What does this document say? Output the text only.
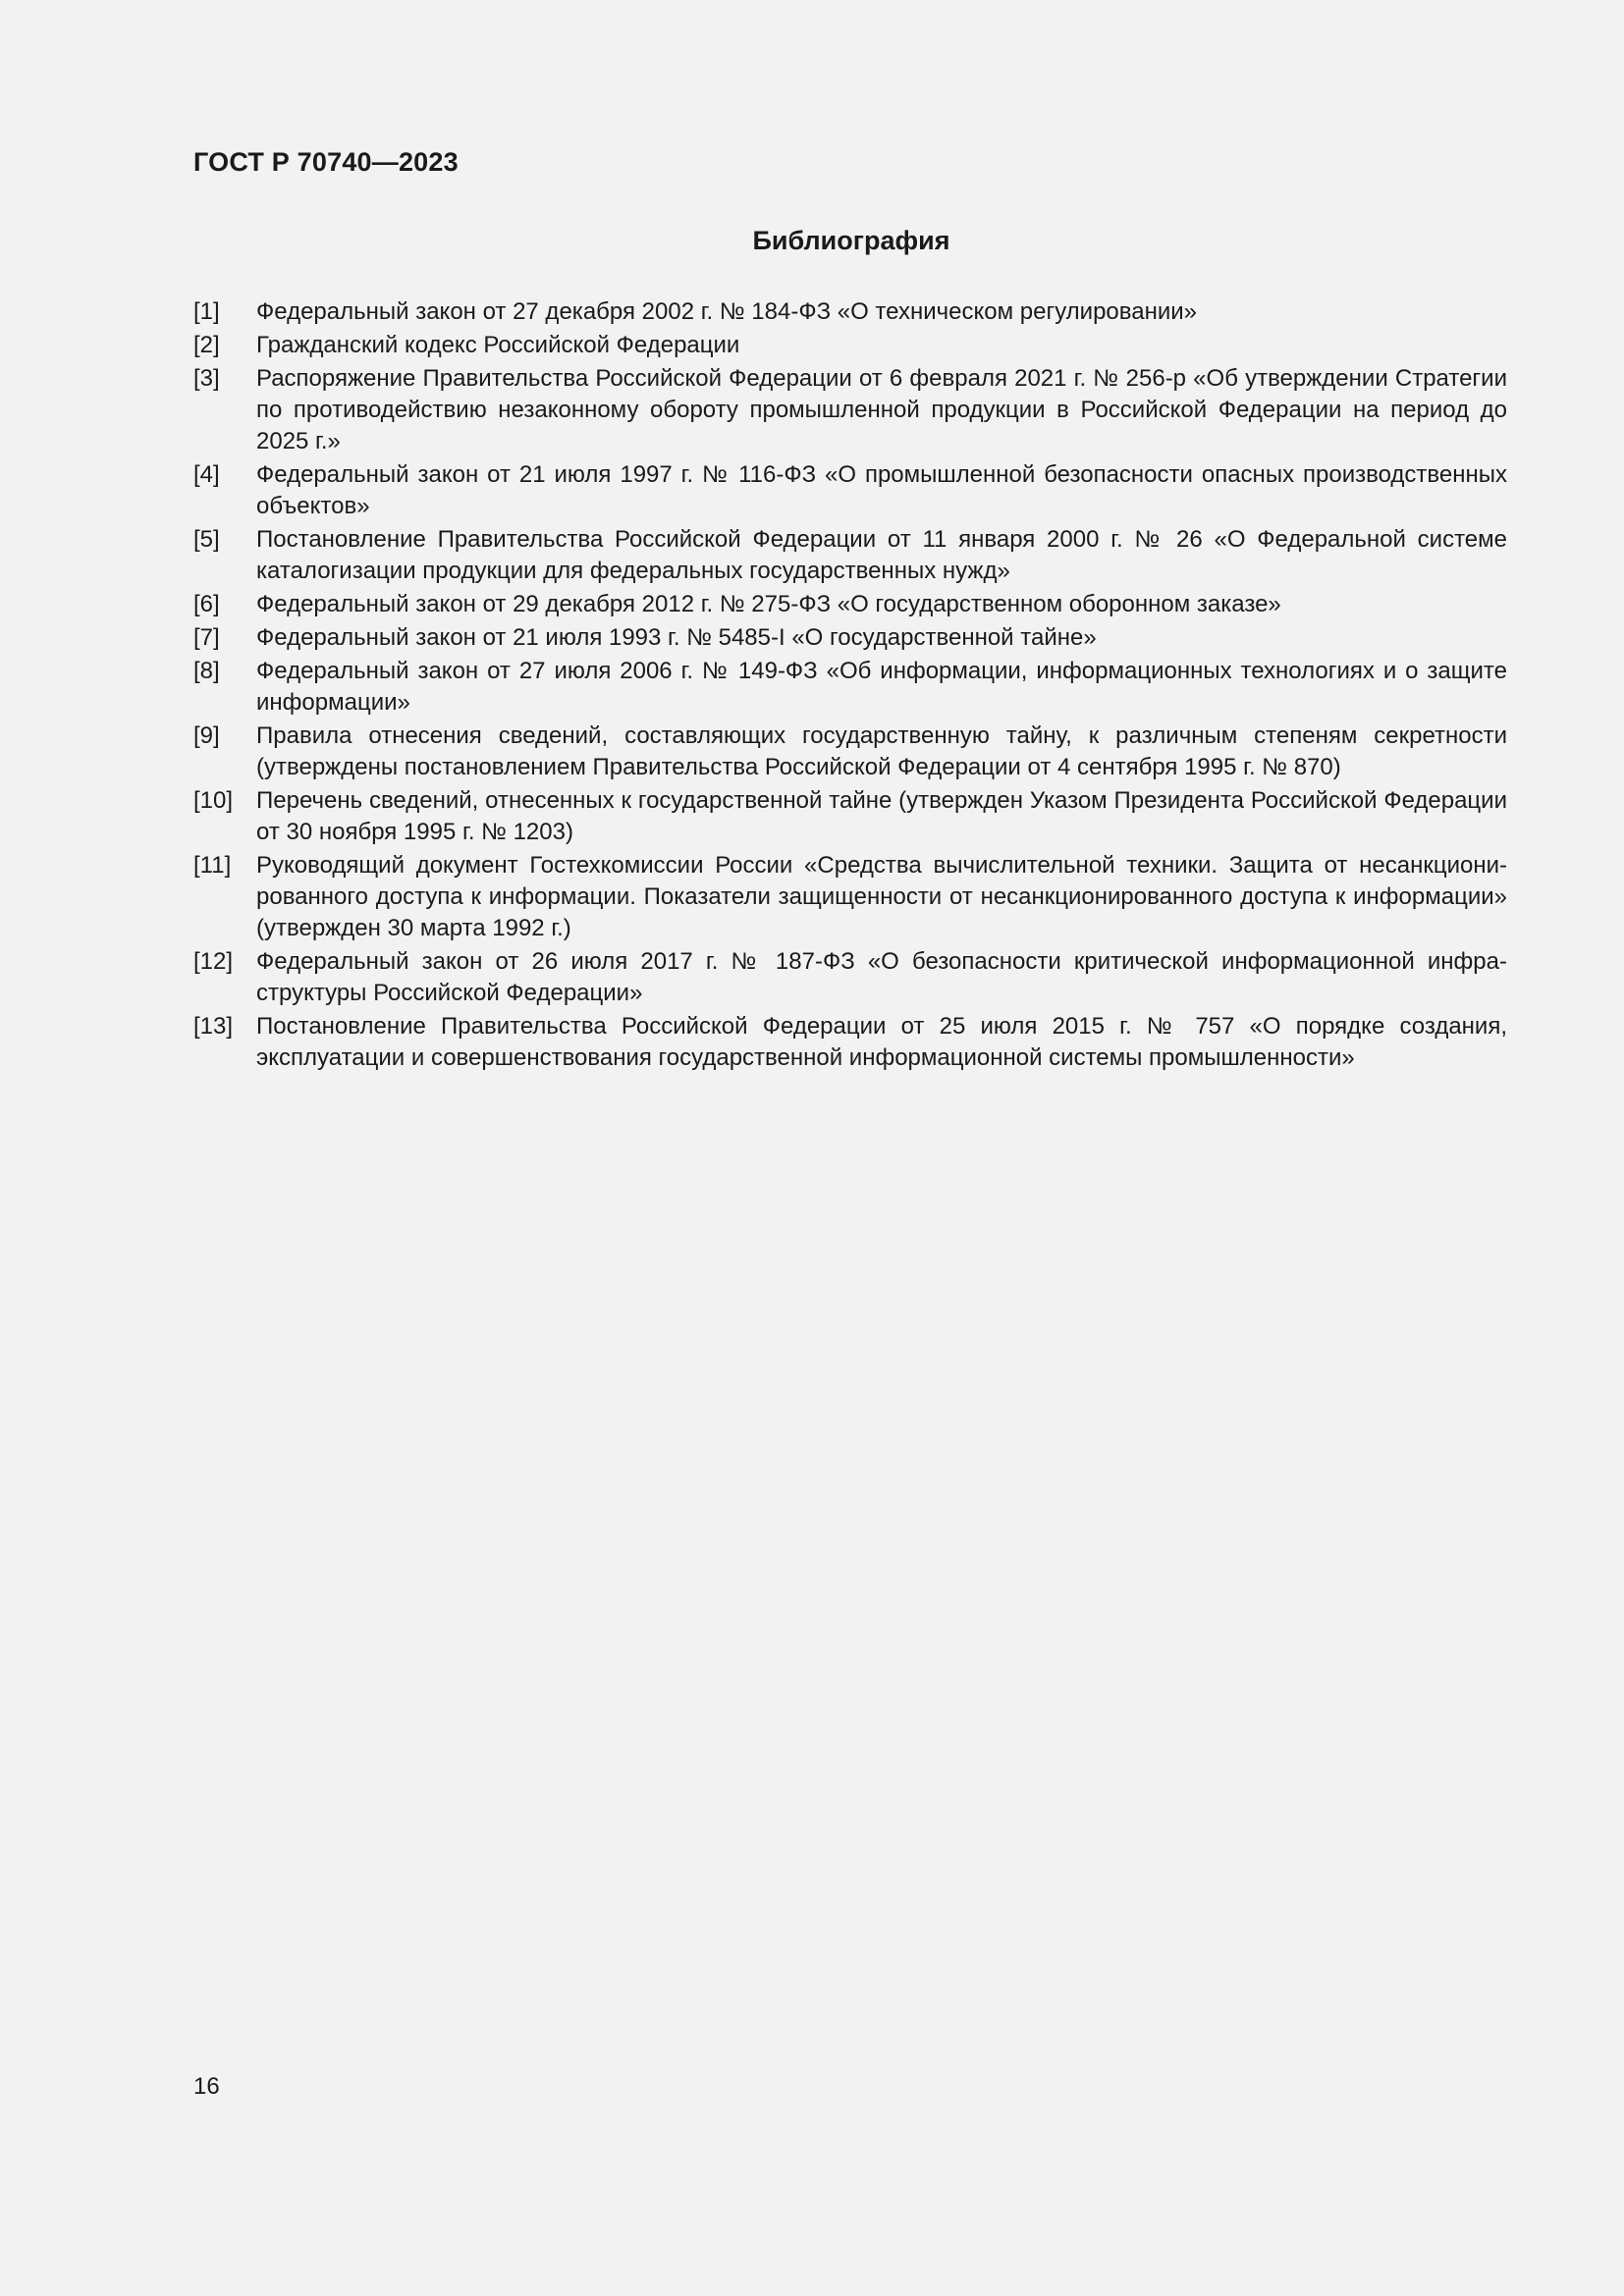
ГОСТ Р 70740—2023
Библиография
[1]	Федеральный закон от 27 декабря 2002 г. № 184-ФЗ «О техническом регулировании»
[2]	Гражданский кодекс Российской Федерации
[3]	Распоряжение Правительства Российской Федерации от 6 февраля 2021 г. № 256-р «Об утверждении Стратегии по противодействию незаконному обороту промышленной продукции в Российской Федерации на период до 2025 г.»
[4]	Федеральный закон от 21 июля 1997 г. № 116-ФЗ «О промышленной безопасности опасных производственных объектов»
[5]	Постановление Правительства Российской Федерации от 11 января 2000 г. № 26 «О Федеральной системе каталогизации продукции для федеральных государственных нужд»
[6]	Федеральный закон от 29 декабря 2012 г. № 275-ФЗ «О государственном оборонном заказе»
[7]	Федеральный закон от 21 июля 1993 г. № 5485-I «О государственной тайне»
[8]	Федеральный закон от 27 июля 2006 г. № 149-ФЗ «Об информации, информационных технологиях и о защите информации»
[9]	Правила отнесения сведений, составляющих государственную тайну, к различным степеням секретности (утверждены постановлением Правительства Российской Федерации от 4 сентября 1995 г. № 870)
[10] Перечень сведений, отнесенных к государственной тайне (утвержден Указом Президента Российской Федерации от 30 ноября 1995 г. № 1203)
[11]	Руководящий документ Гостехкомиссии России «Средства вычислительной техники. Защита от несанкционированного доступа к информации. Показатели защищенности от несанкционированного доступа к информации» (утвержден 30 марта 1992 г.)
[12] Федеральный закон от 26 июля 2017 г. № 187-ФЗ «О безопасности критической информационной инфраструктуры Российской Федерации»
[13] Постановление Правительства Российской Федерации от 25 июля 2015 г. № 757 «О порядке создания, эксплуатации и совершенствования государственной информационной системы промышленности»
16
